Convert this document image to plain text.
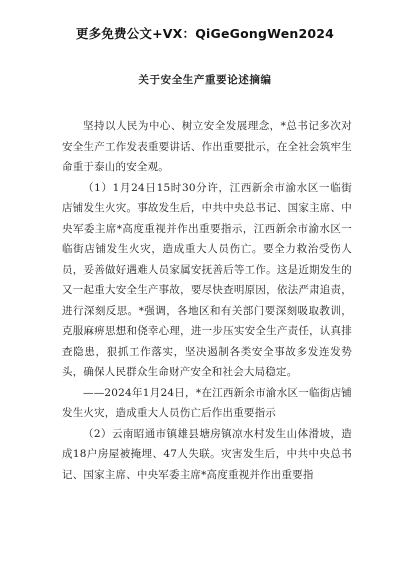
更多免费公文+VX：QiGeGongWen2024
关于安全生产重要论述摘编

坚持以人民为中心、树立安全发展理念，*总书记多次对安全生产工作发表重要讲话、作出重要批示，在全社会筑牢生命重于泰山的安全观。

（1）1月24日15时30分许，江西新余市渝水区一临街店铺发生火灾。事故发生后，中共中央总书记、国家主席、中央军委主席*高度重视并作出重要指示，江西新余市渝水区一临街店铺发生火灾，造成重大人员伤亡。要全力救治受伤人员，妥善做好遇难人员家属安抚善后等工作。这是近期发生的又一起重大安全生产事故，要尽快查明原因，依法严肃追责，进行深刻反思。*强调，各地区和有关部门要深刻吸取教训，克服麻痹思想和侥幸心理，进一步压实安全生产责任，认真排查隐患，狠抓工作落实，坚决遏制各类安全事故多发连发势头，确保人民群众生命财产安全和社会大局稳定。

——2024年1月24日，*在江西新余市渝水区一临街店铺发生火灾，造成重大人员伤亡后作出重要指示

（2）云南昭通市镇雄县塘房镇凉水村发生山体滑坡，造成18户房屋被掩埋、47人失联。灾害发生后，中共中央总书记、国家主席、中央军委主席*高度重视并作出重要指
